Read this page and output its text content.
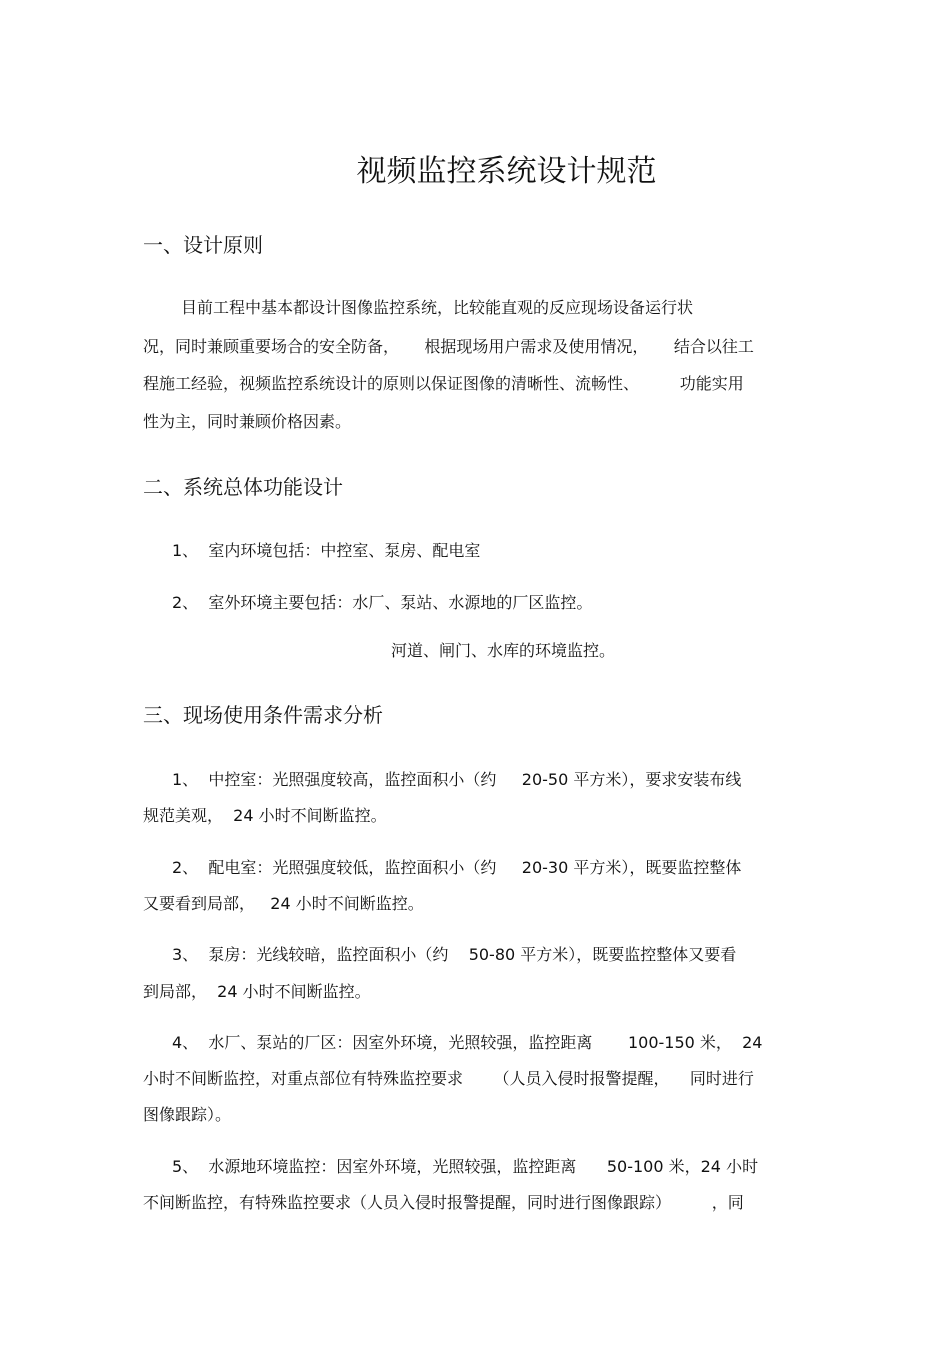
视频监控系统设计规范
一、设计原则
目前工程中基本都设计图像监控系统，比较能直观的反应现场设备运行状
况，同时兼顾重要场合的安全防备，     根据现场用户需求及使用情况，     结合以往工
程施工经验，视频监控系统设计的原则以保证图像的清晰性、流畅性、        功能实用
性为主，同时兼顾价格因素。
二、系统总体功能设计
1、  室内环境包括：中控室、泵房、配电室
2、  室外环境主要包括：水厂、泵站、水源地的厂区监控。
河道、闸门、水库的环境监控。
三、现场使用条件需求分析
1、  中控室：光照强度较高，监控面积小（约     20-50 平方米），要求安装布线
规范美观，  24 小时不间断监控。
2、  配电室：光照强度较低，监控面积小（约     20-30 平方米），既要监控整体
又要看到局部，   24 小时不间断监控。
3、  泵房：光线较暗，监控面积小（约    50-80 平方米），既要监控整体又要看
到局部，  24 小时不间断监控。
4、  水厂、泵站的厂区：因室外环境，光照较强，监控距离       100-150 米，  24
小时不间断监控，对重点部位有特殊监控要求      （人员入侵时报警提醒，    同时进行
图像跟踪）。
5、  水源地环境监控：因室外环境，光照较强，监控距离      50-100 米，24 小时
不间断监控，有特殊监控要求（人员入侵时报警提醒，同时进行图像跟踪）        ，同
